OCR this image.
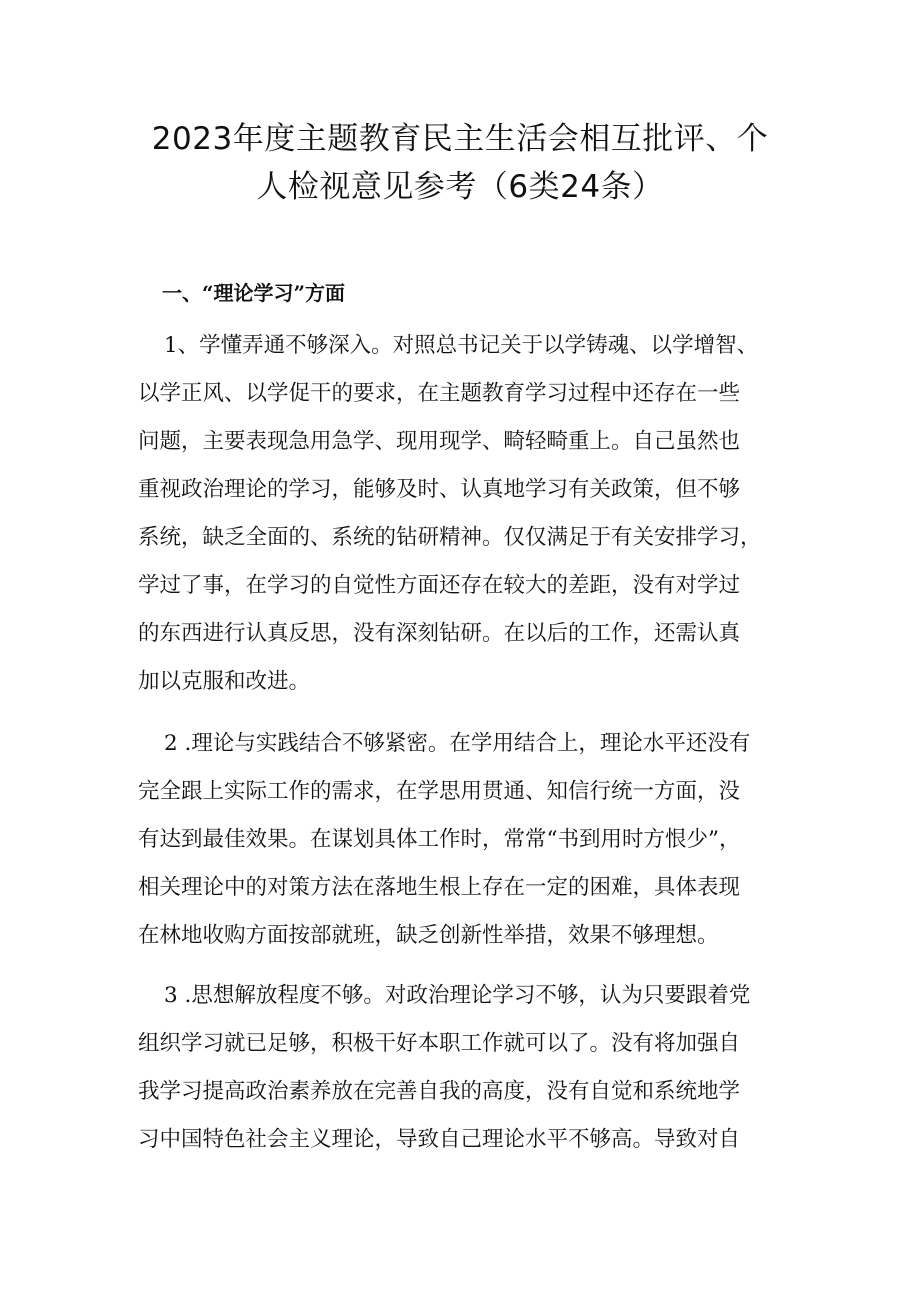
2023年度主题教育民主生活会相互批评、个
人检视意见参考（6类24条）
一、“理论学习”方面
1、学懂弄通不够深入。对照总书记关于以学铸魂、以学增智、
以学正风、以学促干的要求，在主题教育学习过程中还存在一些
问题，主要表现急用急学、现用现学、畸轻畸重上。自己虽然也
重视政治理论的学习，能够及时、认真地学习有关政策，但不够
系统，缺乏全面的、系统的钻研精神。仅仅满足于有关安排学习，
学过了事，在学习的自觉性方面还存在较大的差距，没有对学过
的东西进行认真反思，没有深刻钻研。在以后的工作，还需认真
加以克服和改进。
2 .理论与实践结合不够紧密。在学用结合上，理论水平还没有
完全跟上实际工作的需求，在学思用贯通、知信行统一方面，没
有达到最佳效果。在谋划具体工作时，常常“书到用时方恨少”，
相关理论中的对策方法在落地生根上存在一定的困难，具体表现
在林地收购方面按部就班，缺乏创新性举措，效果不够理想。
3 .思想解放程度不够。对政治理论学习不够，认为只要跟着党
组织学习就已足够，积极干好本职工作就可以了。没有将加强自
我学习提高政治素养放在完善自我的高度，没有自觉和系统地学
习中国特色社会主义理论，导致自己理论水平不够高。导致对自
